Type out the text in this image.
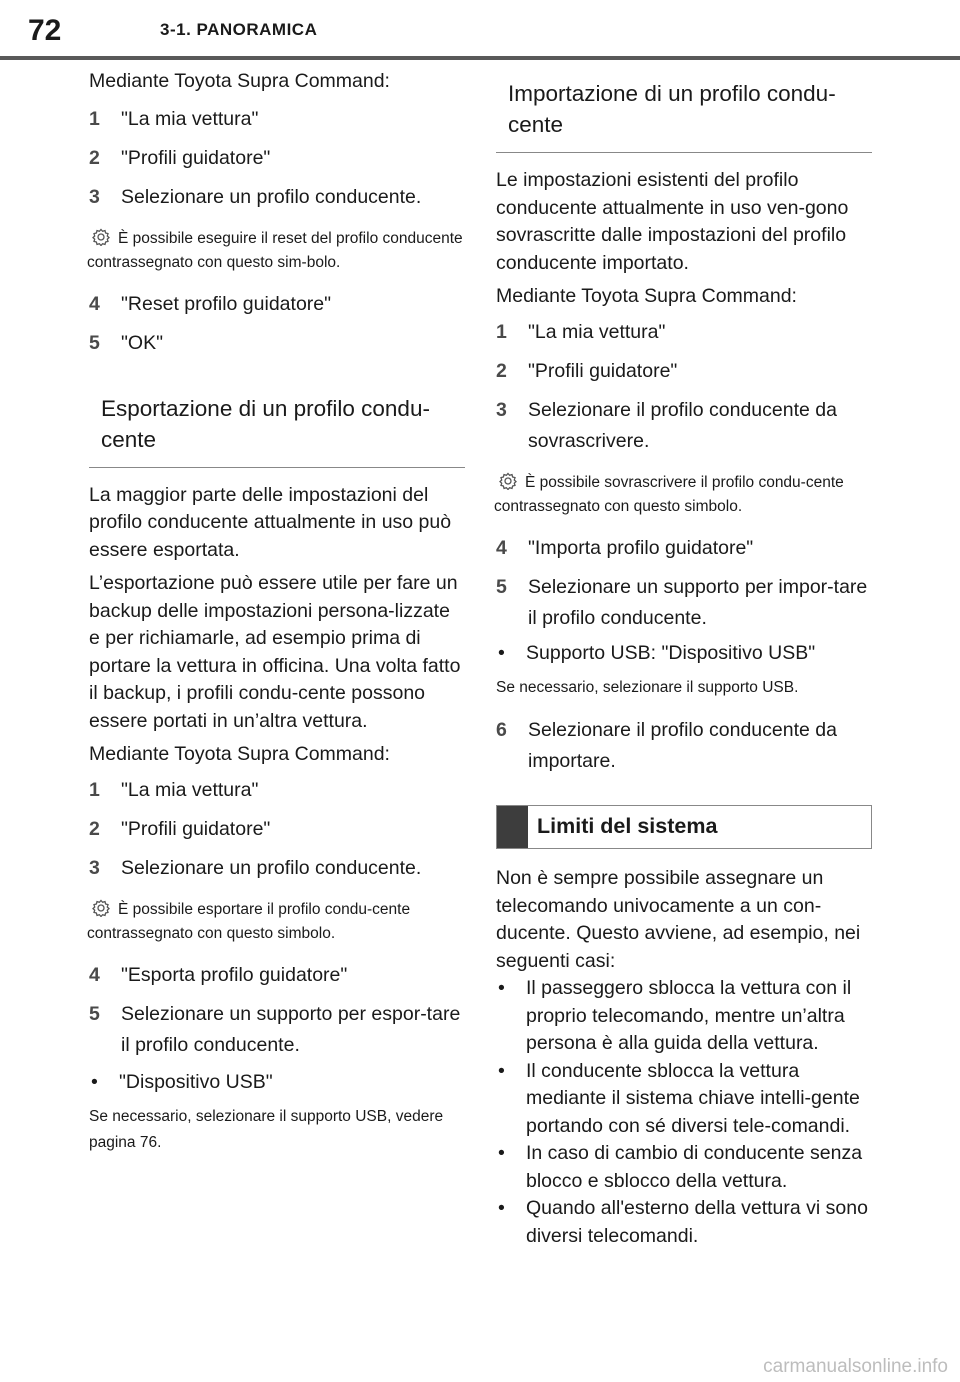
72	3-1. PANORAMICA

Mediante Toyota Supra Command:

1	"La mia vettura"
2	"Profili guidatore"
3	Selezionare un profilo conducente.
È possibile eseguire il reset del profilo conducente contrassegnato con questo sim-bolo.
4	"Reset profilo guidatore"
5	"OK"
Esportazione di un profilo condu-cente

La maggior parte delle impostazioni del profilo conducente attualmente in uso può essere esportata.

L’esportazione può essere utile per fare un backup delle impostazioni persona-lizzate e per richiamarle, ad esempio prima di portare la vettura in officina. Una volta fatto il backup, i profili condu-cente possono essere portati in un’altra vettura.

Mediante Toyota Supra Command:

1	"La mia vettura"
2	"Profili guidatore"
3	Selezionare un profilo conducente.
È possibile esportare il profilo condu-cente contrassegnato con questo simbolo.
4	"Esporta profilo guidatore"
5	Selezionare un supporto per espor-tare il profilo conducente.
•	"Dispositivo USB"
Se necessario, selezionare il supporto USB, vedere pagina 76.
Importazione di un profilo condu-cente

Le impostazioni esistenti del profilo conducente attualmente in uso ven-gono sovrascritte dalle impostazioni del profilo conducente importato.

Mediante Toyota Supra Command:

1	"La mia vettura"
2	"Profili guidatore"
3	Selezionare il profilo conducente da sovrascrivere.
È possibile sovrascrivere il profilo condu-cente contrassegnato con questo simbolo.
4	"Importa profilo guidatore"
5	Selezionare un supporto per impor-tare il profilo conducente.
•	Supporto USB: "Dispositivo USB"
Se necessario, selezionare il supporto USB.
6	Selezionare il profilo conducente da importare.
Limiti del sistema

Non è sempre possibile assegnare un telecomando univocamente a un con-ducente. Questo avviene, ad esempio, nei seguenti casi:

•	Il passeggero sblocca la vettura con il proprio telecomando, mentre un’altra persona è alla guida della vettura.
•	Il conducente sblocca la vettura mediante il sistema chiave intelli-gente portando con sé diversi tele-comandi.
•	In caso di cambio di conducente senza blocco e sblocco della vettura.
•	Quando all'esterno della vettura vi sono diversi telecomandi.
carmanualsonline.info
